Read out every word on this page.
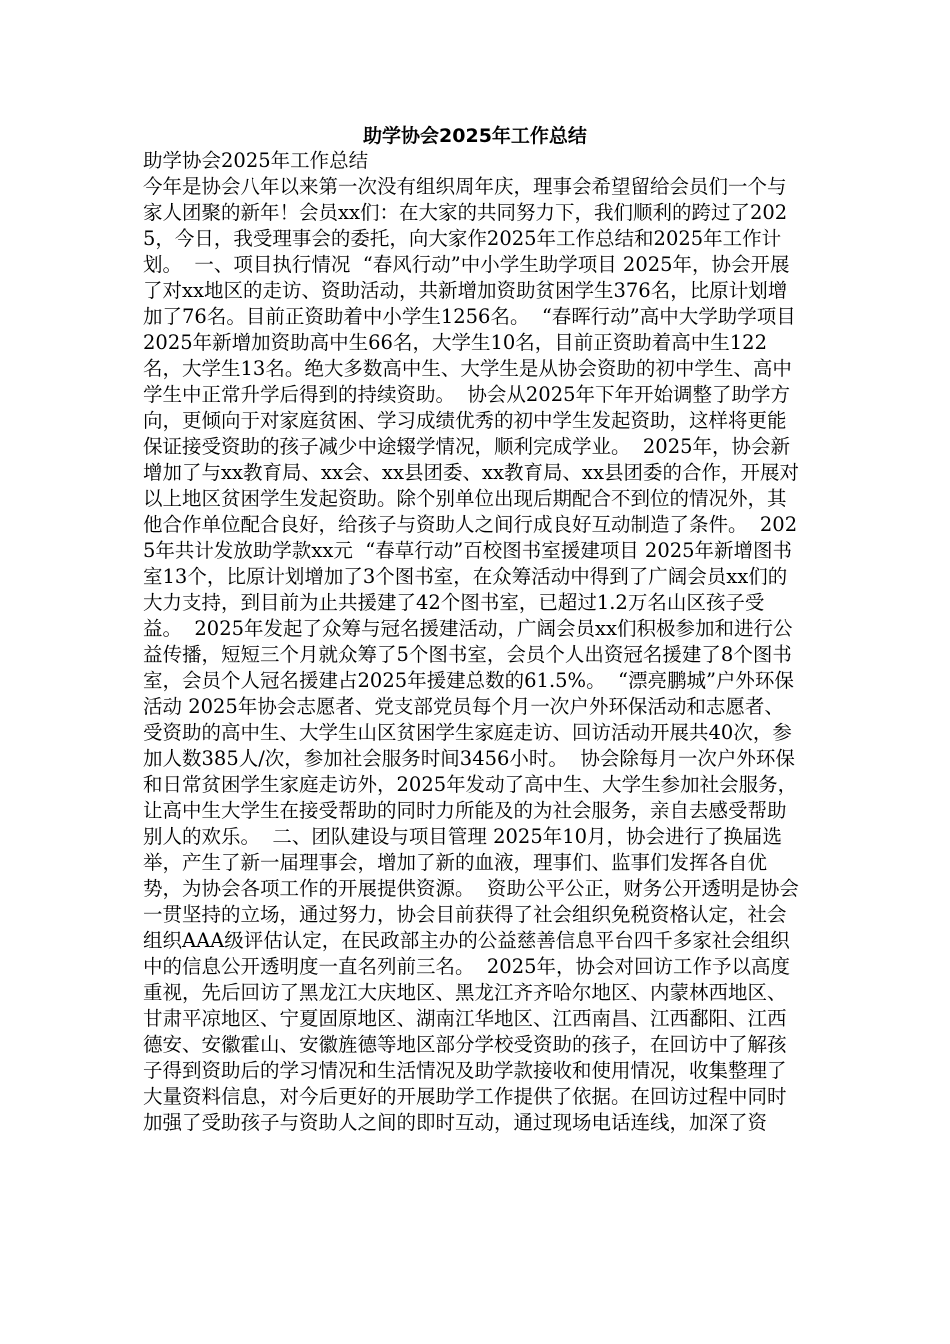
助学协会2025年工作总结
助学协会2025年工作总结

今年是协会八年以来第一次没有组织周年庆，理事会希望留给会员们一个与家人团聚的新年！会员xx们：在大家的共同努力下，我们顺利的跨过了2025，今日，我受理事会的委托，向大家作2025年工作总结和2025年工作计划。  一、项目执行情况  “春风行动”中小学生助学项目 2025年，协会开展了对xx地区的走访、资助活动，共新增加资助贫困学生376名，比原计划增加了76名。目前正资助着中小学生1256名。  “春晖行动”高中大学助学项目 2025年新增加资助高中生66名，大学生10名，目前正资助着高中生122名，大学生13名。绝大多数高中生、大学生是从协会资助的初中学生、高中学生中正常升学后得到的持续资助。  协会从2025年下年开始调整了助学方向，更倾向于对家庭贫困、学习成绩优秀的初中学生发起资助，这样将更能保证接受资助的孩子减少中途辍学情况，顺利完成学业。  2025年，协会新增加了与xx教育局、xx会、xx县团委、xx教育局、xx县团委的合作，开展对以上地区贫困学生发起资助。除个别单位出现后期配合不到位的情况外，其他合作单位配合良好，给孩子与资助人之间行成良好互动制造了条件。  2025年共计发放助学款xx元  “春草行动”百校图书室援建项目 2025年新增图书室13个，比原计划增加了3个图书室，在众筹活动中得到了广阔会员xx们的大力支持，到目前为止共援建了42个图书室，已超过1.2万名山区孩子受益。  2025年发起了众筹与冠名援建活动，广阔会员xx们积极参加和进行公益传播，短短三个月就众筹了5个图书室，会员个人出资冠名援建了8个图书室，会员个人冠名援建占2025年援建总数的61.5%。  “漂亮鹏城”户外环保活动 2025年协会志愿者、党支部党员每个月一次户外环保活动和志愿者、受资助的高中生、大学生山区贫困学生家庭走访、回访活动开展共40次，参加人数385人/次，参加社会服务时间3456小时。  协会除每月一次户外环保和日常贫困学生家庭走访外，2025年发动了高中生、大学生参加社会服务，让高中生大学生在接受帮助的同时力所能及的为社会服务，亲自去感受帮助别人的欢乐。  二、团队建设与项目管理 2025年10月，协会进行了换届选举，产生了新一届理事会，增加了新的血液，理事们、监事们发挥各自优势，为协会各项工作的开展提供资源。  资助公平公正，财务公开透明是协会一贯坚持的立场，通过努力，协会目前获得了社会组织免税资格认定，社会组织AAA级评估认定，在民政部主办的公益慈善信息平台四千多家社会组织中的信息公开透明度一直名列前三名。  2025年，协会对回访工作予以高度重视，先后回访了黑龙江大庆地区、黑龙江齐齐哈尔地区、内蒙林西地区、甘肃平凉地区、宁夏固原地区、湖南江华地区、江西南昌、江西鄱阳、江西德安、安徽霍山、安徽旌德等地区部分学校受资助的孩子，在回访中了解孩子得到资助后的学习情况和生活情况及助学款接收和使用情况，收集整理了大量资料信息，对今后更好的开展助学工作提供了依据。在回访过程中同时加强了受助孩子与资助人之间的即时互动，通过现场电话连线，加深了资
